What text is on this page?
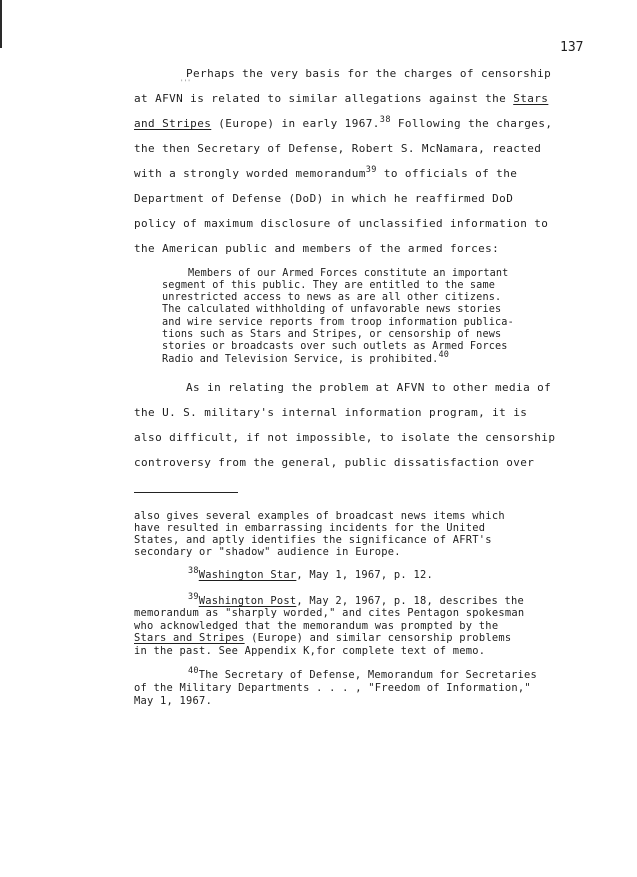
'''
137

Perhaps the very basis for the charges of censorship

at AFVN is related to similar allegations against the Stars

and Stripes (Europe) in early 1967.38 Following the charges,

the then Secretary of Defense, Robert S. McNamara, reacted

with a strongly worded memorandum$^{39}$ to officials of the

Department of Defense (DoD) in which he reaffirmed DoD

policy of maximum disclosure of unclassified information to

the American public and members of the armed forces:

Members of our Armed Forces constitute an important

segment of this public. They are entitled to the same

unrestricted access to news as are all other citizens.

The calculated withholding of unfavorable news stories

and wire service reports from troop information publica-

tions such as Stars and Stripes, or censorship of news

stories or broadcasts over such outlets as Armed Forces

Radio and Television Service, is prohibited.$^{40}$

As in relating the problem at AFVN to other media of

the U. S. military's internal information program, it is

also difficult, if not impossible, to isolate the censorship

controversy from the general, public dissatisfaction over

also gives several examples of broadcast news items which

have resulted in embarrassing incidents for the United

States, and aptly identifies the significance of AFRT's

secondary or "shadow" audience in Europe.

$^{38}$Washington Star, May 1, 1967, p. 12.

$^{39}$Washington Post, May 2, 1967, p. 18, describes the

memorandum as "sharply worded," and cites Pentagon spokesman

who acknowledged that the memorandum was prompted by the

Stars and Stripes (Europe) and similar censorship problems

in the past. See Appendix K,for complete text of memo.

$^{40}$The Secretary of Defense, Memorandum for Secretaries

of the Military Departments . . . , "Freedom of Information,"

May 1, 1967.
